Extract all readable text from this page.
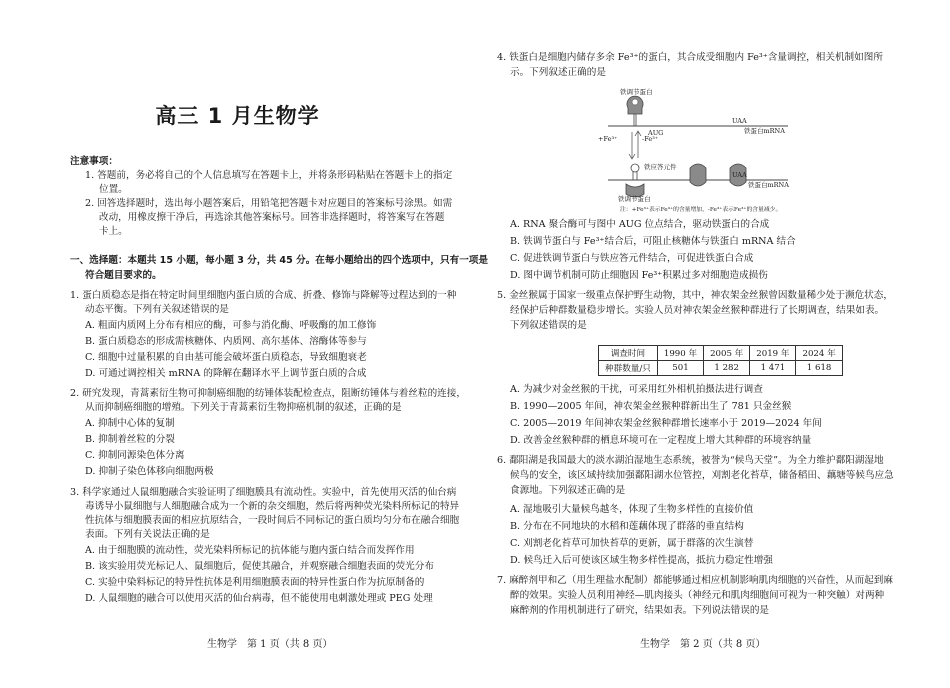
高三 1 月生物学
注意事项：
1. 答题前，务必将自己的个人信息填写在答题卡上，并将条形码粘贴在答题卡上的指定
位置。
2. 回答选择题时，选出每小题答案后，用铅笔把答题卡对应题目的答案标号涂黑。如需
改动，用橡皮擦干净后，再选涂其他答案标号。回答非选择题时，将答案写在答题
卡上。
一、选择题：本题共 15 小题，每小题 3 分，共 45 分。在每小题给出的四个选项中，只有一项是
符合题目要求的。
1. 蛋白质稳态是指在特定时间里细胞内蛋白质的合成、折叠、修饰与降解等过程达到的一种
动态平衡。下列有关叙述错误的是
A. 粗面内质网上分布有相应的酶，可参与消化酶、呼吸酶的加工修饰
B. 蛋白质稳态的形成需核糖体、内质网、高尔基体、溶酶体等参与
C. 细胞中过量积累的自由基可能会破坏蛋白质稳态，导致细胞衰老
D. 可通过调控相关 mRNA 的降解在翻译水平上调节蛋白质的合成
2. 研究发现，青蒿素衍生物可抑制癌细胞的纺锤体装配检查点，阻断纺锤体与着丝粒的连接，
从而抑制癌细胞的增殖。下列关于青蒿素衍生物抑癌机制的叙述，正确的是
A. 抑制中心体的复制
B. 抑制着丝粒的分裂
C. 抑制同源染色体分离
D. 抑制子染色体移向细胞两极
3. 科学家通过人鼠细胞融合实验证明了细胞膜具有流动性。实验中，首先使用灭活的仙台病
毒诱导小鼠细胞与人细胞融合成为一个新的杂交细胞，然后将两种荧光染料所标记的特异
性抗体与细胞膜表面的相应抗原结合，一段时间后不同标记的蛋白质均匀分布在融合细胞
表面。下列有关说法正确的是
A. 由于细胞膜的流动性，荧光染料所标记的抗体能与胞内蛋白结合而发挥作用
B. 该实验用荧光标记人、鼠细胞后，促使其融合，并观察融合细胞表面的荧光分布
C. 实验中染料标记的特异性抗体是利用细胞膜表面的特异性蛋白作为抗原制备的
D. 人鼠细胞的融合可以使用灭活的仙台病毒，但不能使用电刺激处理或 PEG 处理
生物学　第 1 页（共 8 页）
4. 铁蛋白是细胞内储存多余 Fe³⁺的蛋白，其合成受细胞内 Fe³⁺含量调控，相关机制如图所
示。下列叙述正确的是
铁调节蛋白
AUG
UAA
铁蛋白mRNA
+Fe³⁺	-Fe³⁺
铁应答元件
UAA
铁蛋白mRNA
铁调节蛋白
注：+Fe³⁺表示Fe³⁺的含量增加，-Fe³⁺表示Fe³⁺的含量减少。
A. RNA 聚合酶可与图中 AUG 位点结合，驱动铁蛋白的合成
B. 铁调节蛋白与 Fe³⁺结合后，可阻止核糖体与铁蛋白 mRNA 结合
C. 促进铁调节蛋白与铁应答元件结合，可促进铁蛋白合成
D. 图中调节机制可防止细胞因 Fe³⁺积累过多对细胞造成损伤
5. 金丝猴属于国家一级重点保护野生动物，其中，神农架金丝猴曾因数量稀少处于濒危状态，
经保护后种群数量稳步增长。实验人员对神农架金丝猴种群进行了长期调查，结果如表。
下列叙述错误的是
调查时间	1990 年	2005 年	2019 年	2024 年
种群数量/只	501	1 282	1 471	1 618
A. 为减少对金丝猴的干扰，可采用红外相机拍摄法进行调查
B. 1990—2005 年间，神农架金丝猴种群新出生了 781 只金丝猴
C. 2005—2019 年间神农架金丝猴种群增长速率小于 2019—2024 年间
D. 改善金丝猴种群的栖息环境可在一定程度上增大其种群的环境容纳量
6. 鄱阳湖是我国最大的淡水湖泊湿地生态系统，被誉为“候鸟天堂”。为全力维护鄱阳湖湿地
候鸟的安全，该区域持续加强鄱阳湖水位管控，刈割老化苔草，储备稻田、藕塘等候鸟应急
食源地。下列叙述正确的是
A. 湿地吸引大量候鸟越冬，体现了生物多样性的直接价值
B. 分布在不同地块的水稻和莲藕体现了群落的垂直结构
C. 刈割老化苔草可加快苔草的更新，属于群落的次生演替
D. 候鸟迁入后可使该区域生物多样性提高，抵抗力稳定性增强
7. 麻醉剂甲和乙（用生理盐水配制）都能够通过相应机制影响肌肉细胞的兴奋性，从而起到麻
醉的效果。实验人员利用神经—肌肉接头（神经元和肌肉细胞间可视为一种突触）对两种
麻醉剂的作用机制进行了研究，结果如表。下列说法错误的是
生物学　第 2 页（共 8 页）
